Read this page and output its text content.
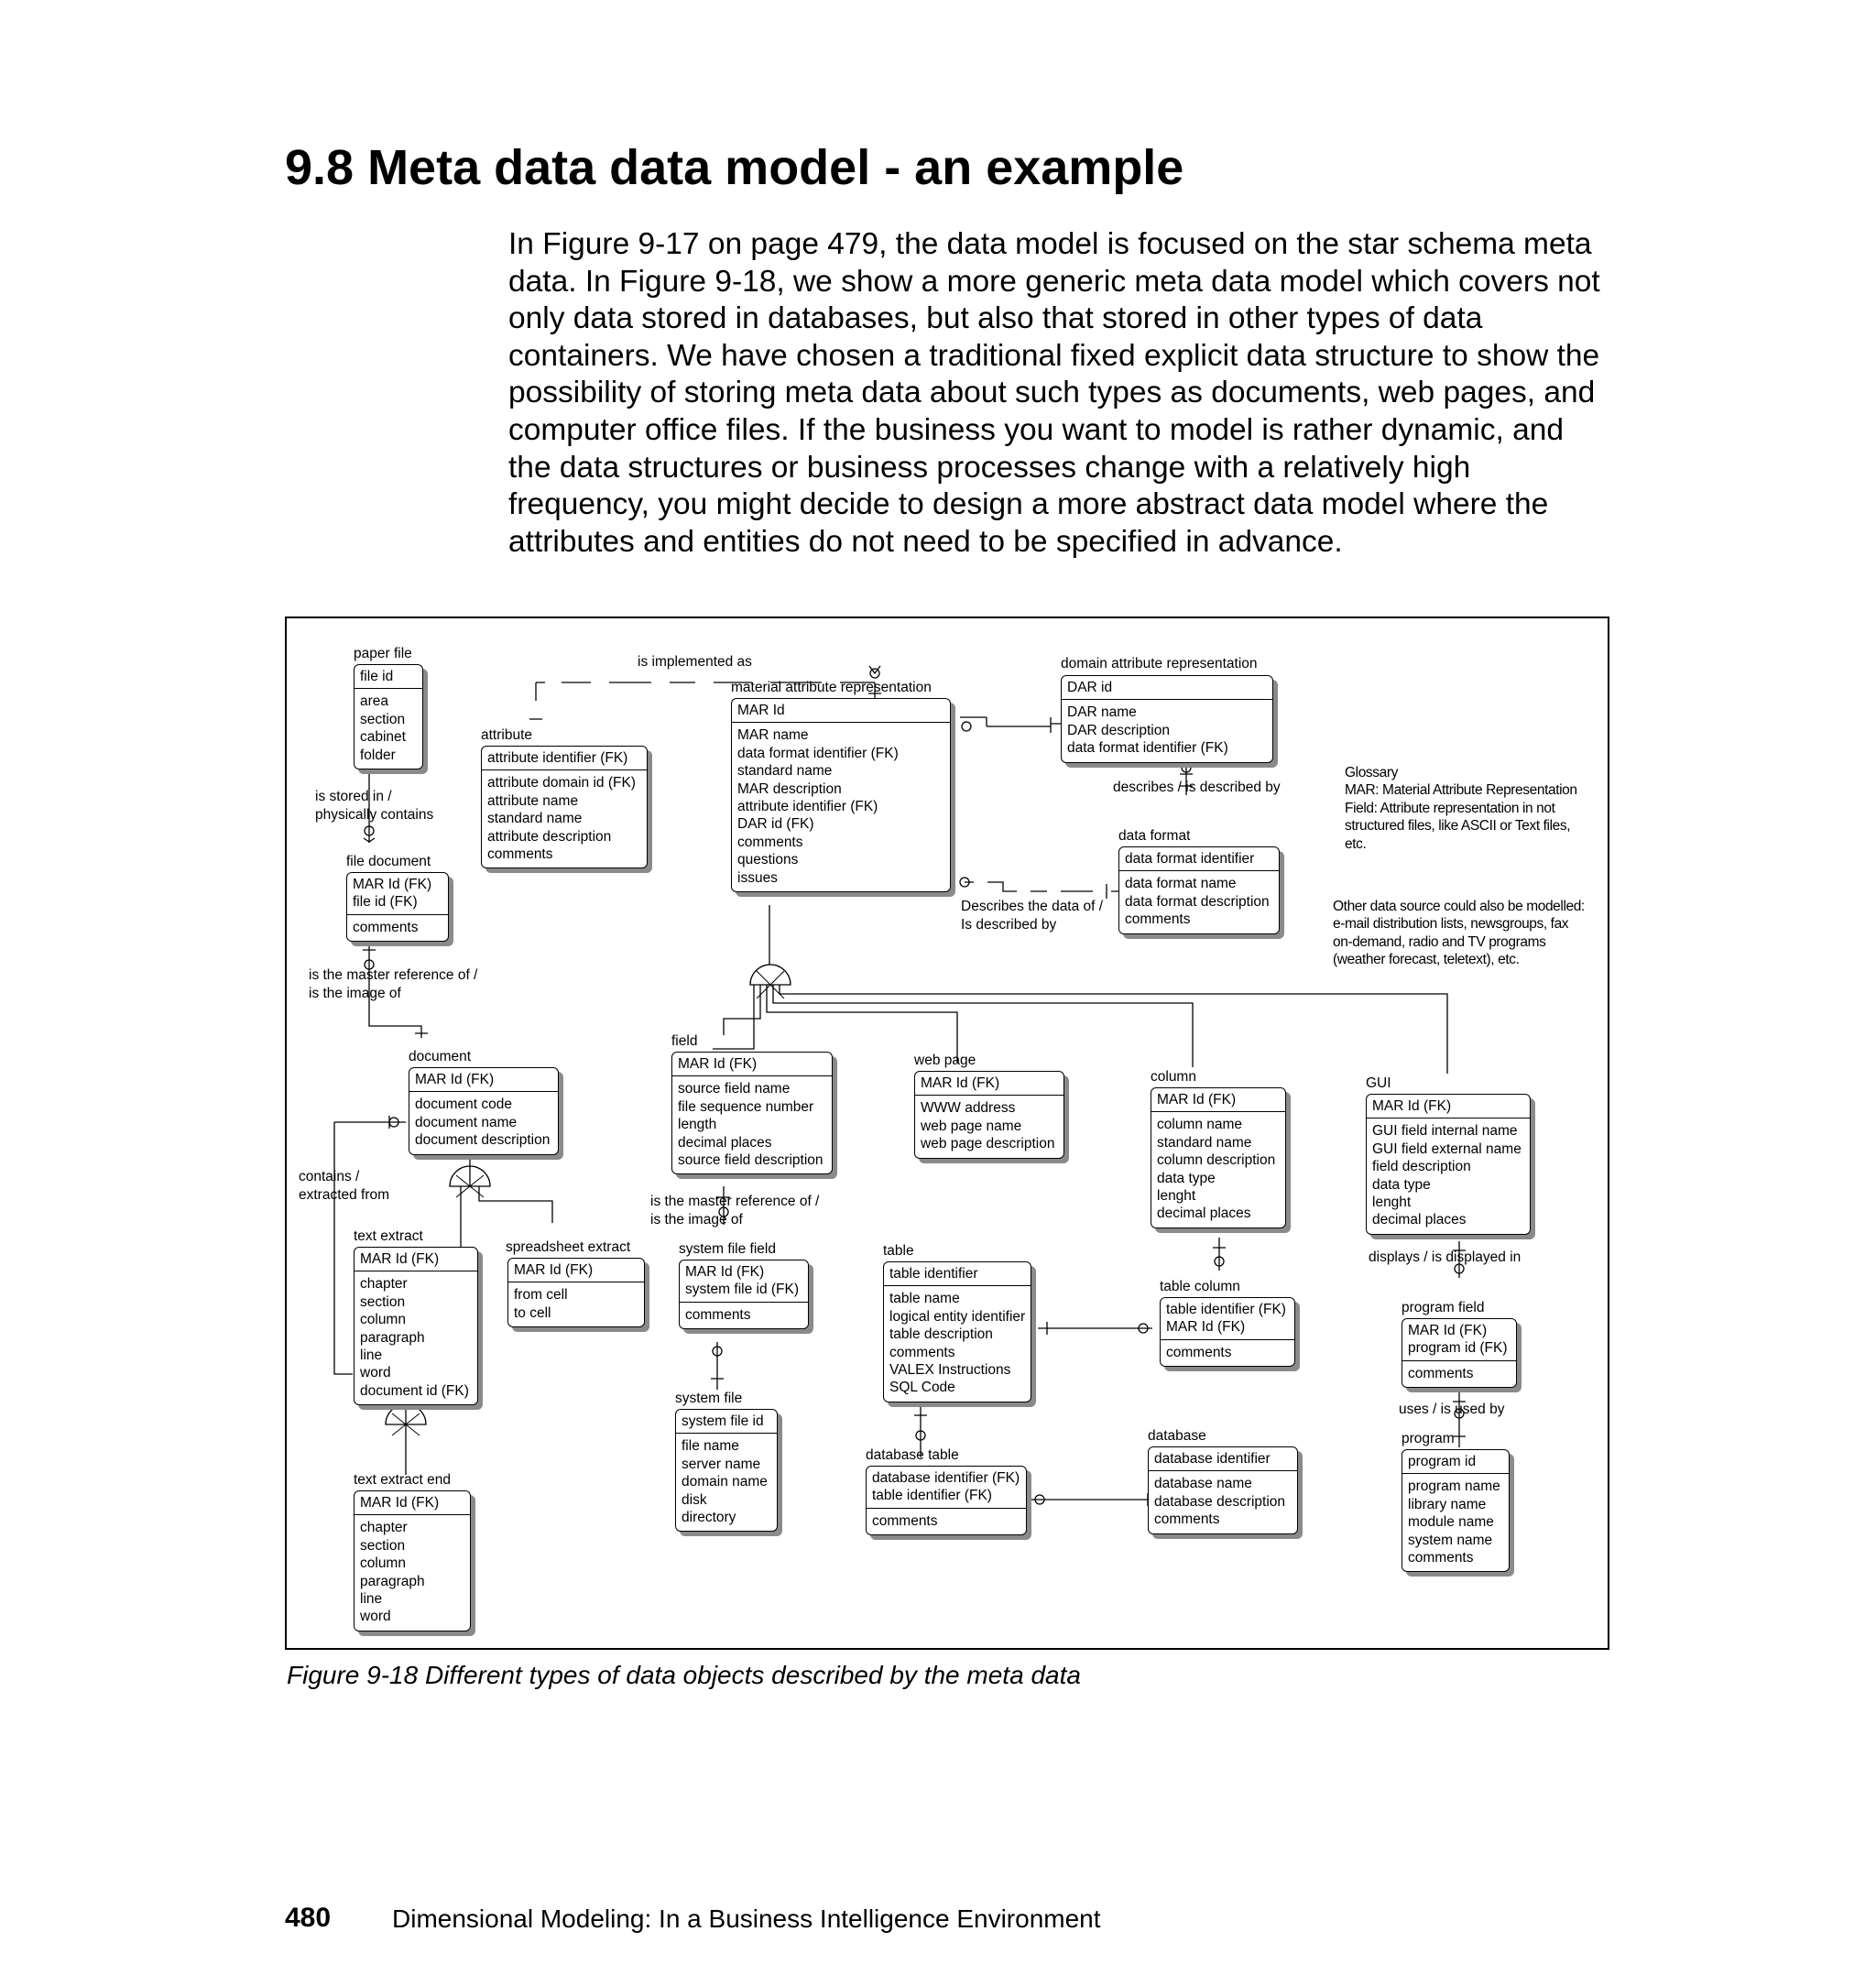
9.8 Meta data data model - an example
In Figure 9-17 on page 479, the data model is focused on the star schema meta
data. In Figure 9-18, we show a more generic meta data model which covers not
only data stored in databases, but also that stored in other types of data
containers. We have chosen a traditional fixed explicit data structure to show the
possibility of storing meta data about such types as documents, web pages, and
computer office files. If the business you want to model is rather dynamic, and
the data structures or business processes change with a relatively high
frequency, you might decide to design a more abstract data model where the
attributes and entities do not need to be specified in advance.
paper file
file id
area
section
cabinet
folder
attribute
attribute identifier (FK)
attribute domain id (FK)
attribute name
standard name
attribute description
comments
is implemented as
material attribute representation
MAR Id
MAR name
data format identifier (FK)
standard name
MAR description
attribute identifier (FK)
DAR id (FK)
comments
questions
issues
domain attribute representation
DAR id
DAR name
DAR description
data format identifier (FK)
describes / is described by
data format
data format identifier
data format name
data format description
comments
Describes the data of /
Is described by
Glossary
MAR: Material Attribute Representation
Field: Attribute representation in not
structured files, like ASCII or Text files,
etc.
Other data source could also be modelled:
e-mail distribution lists, newsgroups, fax
on-demand, radio and TV programs
(weather forecast, teletext), etc.
is stored in /
physically contains
file document
MAR Id (FK)
file id (FK)
comments
is the master reference of /
is the image of
document
MAR Id (FK)
document code
document name
document description
field
MAR Id (FK)
source field name
file sequence number
length
decimal places
source field description
web page
MAR Id (FK)
WWW address
web page name
web page description
column
MAR Id (FK)
column name
standard name
column description
data type
lenght
decimal places
GUI
MAR Id (FK)
GUI field internal name
GUI field external name
field description
data type
lenght
decimal places
contains /
extracted from	is the master reference of /
is the image of
text extract
MAR Id (FK)
chapter
section
column
paragraph
line
word
document id (FK)
spreadsheet extract
MAR Id (FK)
from cell
to cell
system file field
MAR Id (FK)
system file id (FK)
comments
table
table identifier
table name
logical entity identifier
table description
comments
VALEX Instructions
SQL Code
displays / is displayed in
table column
table identifier (FK)
MAR Id (FK)
comments
program field
MAR Id (FK)
program id (FK)
comments
uses / is used by
system file
system file id
file name
server name
domain name
disk
directory
database
database identifier
database name
database description
comments
program
program id
program name
library name
module name
system name
comments
database table
database identifier (FK)
table identifier (FK)
comments
text extract end
MAR Id (FK)
chapter
section
column
paragraph
line
word

Figure 9-18 Different types of data objects described by the meta data

480 Dimensional Modeling: In a Business Intelligence Environment
